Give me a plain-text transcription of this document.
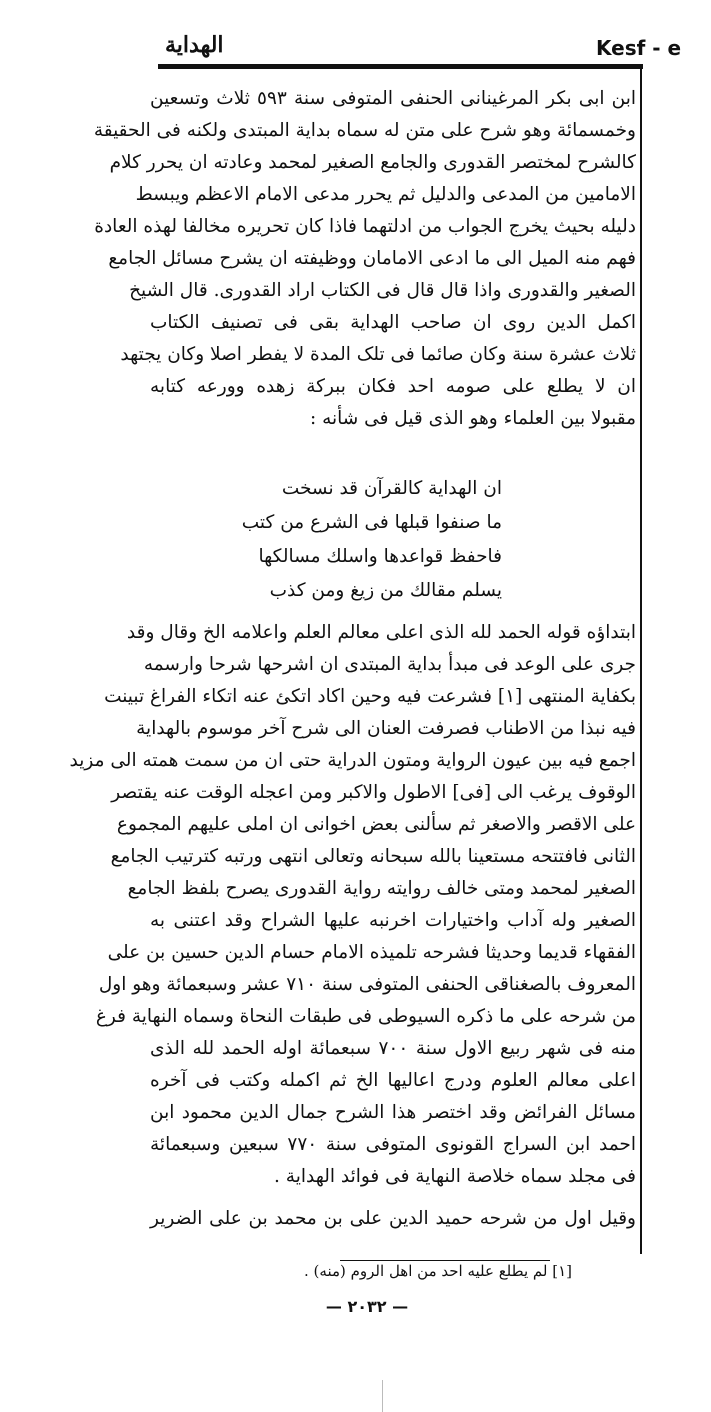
Kesf - e
الهداية
ابن ابی بکر المرغینانی الحنفی المتوفی سنة ٥٩٣ ثلاث وتسعین
وخمسمائة وهو شرح علی متن له سماه بدایة المبتدی ولکنه فی الحقیقة
کالشرح لمختصر القدوری والجامع الصغیر لمحمد وعادته ان یحرر کلام
الامامین من المدعی والدلیل ثم یحرر مدعی الامام الاعظم ویبسط
دلیله بحیث یخرج الجواب من ادلتهما فاذا کان تحریره مخالفا لهذه العادة
فهم منه المیل الی ما ادعی الامامان ووظیفته ان یشرح مسائل الجامع
الصغیر والقدوری واذا قال قال فی الکتاب اراد القدوری. قال الشیخ
اکمل الدین روی ان صاحب الهدایة بقی فی تصنیف الکتاب
ثلاث عشرة سنة وکان صائما فی تلک المدة لا یفطر اصلا وکان یجتهد
ان لا یطلع علی صومه احد فکان ببرکة زهده وورعه کتابه
مقبولا بین العلماء وهو الذی قیل فی شأنه :
ان الهدایة کالقرآن قد نسخت
ما صنفوا قبلها فی الشرع من کتب
فاحفظ قواعدها واسلك مسالکها
یسلم مقالك من زیغ ومن کذب
ابتداؤه قوله الحمد لله الذی اعلی معالم العلم واعلامه الخ وقال وقد
جری علی الوعد فی مبدأ بدایة المبتدی ان اشرحها شرحا وارسمه
بکفایة المنتهی [١] فشرعت فیه وحین اکاد اتکئ عنه اتکاء الفراغ تبینت
فیه نبذا من الاطناب فصرفت العنان الی شرح آخر موسوم بالهدایة
اجمع فیه بین عیون الروایة ومتون الدرایة حتی ان من سمت همته الی مزید
الوقوف یرغب الی [فی] الاطول والاکبر ومن اعجله الوقت عنه یقتصر
علی الاقصر والاصغر ثم سألنی بعض اخوانی ان املی علیهم المجموع
الثانی فافتتحه مستعینا بالله سبحانه وتعالی انتهی ورتبه کترتیب الجامع
الصغیر لمحمد ومتی خالف روایته روایة القدوری یصرح بلفظ الجامع
الصغیر وله آداب واختیارات اخرنبه علیها الشراح وقد اعتنی به
الفقهاء قدیما وحدیثا فشرحه تلمیذه الامام حسام الدین حسین بن علی
المعروف بالصغناقی الحنفی المتوفی سنة ٧١٠ عشر وسبعمائة وهو اول
من شرحه علی ما ذکره السیوطی فی طبقات النحاة وسماه النهایة فرغ
منه فی شهر ربیع الاول سنة ٧٠٠ سبعمائة اوله الحمد لله الذی
اعلی معالم العلوم ودرج اعالیها الخ ثم اکمله وکتب فی آخره
مسائل الفرائض وقد اختصر هذا الشرح جمال الدین محمود ابن
احمد ابن السراج القونوی المتوفی سنة ٧٧٠ سبعین وسبعمائة
فی مجلد سماه خلاصة النهایة فی فوائد الهدایة .
وقیل اول من شرحه حمید الدین علی بن محمد بن علی الضریر
[١] لم یطلع علیه احد من اهل الروم (منه) .
— ٢٠٣٢ —
